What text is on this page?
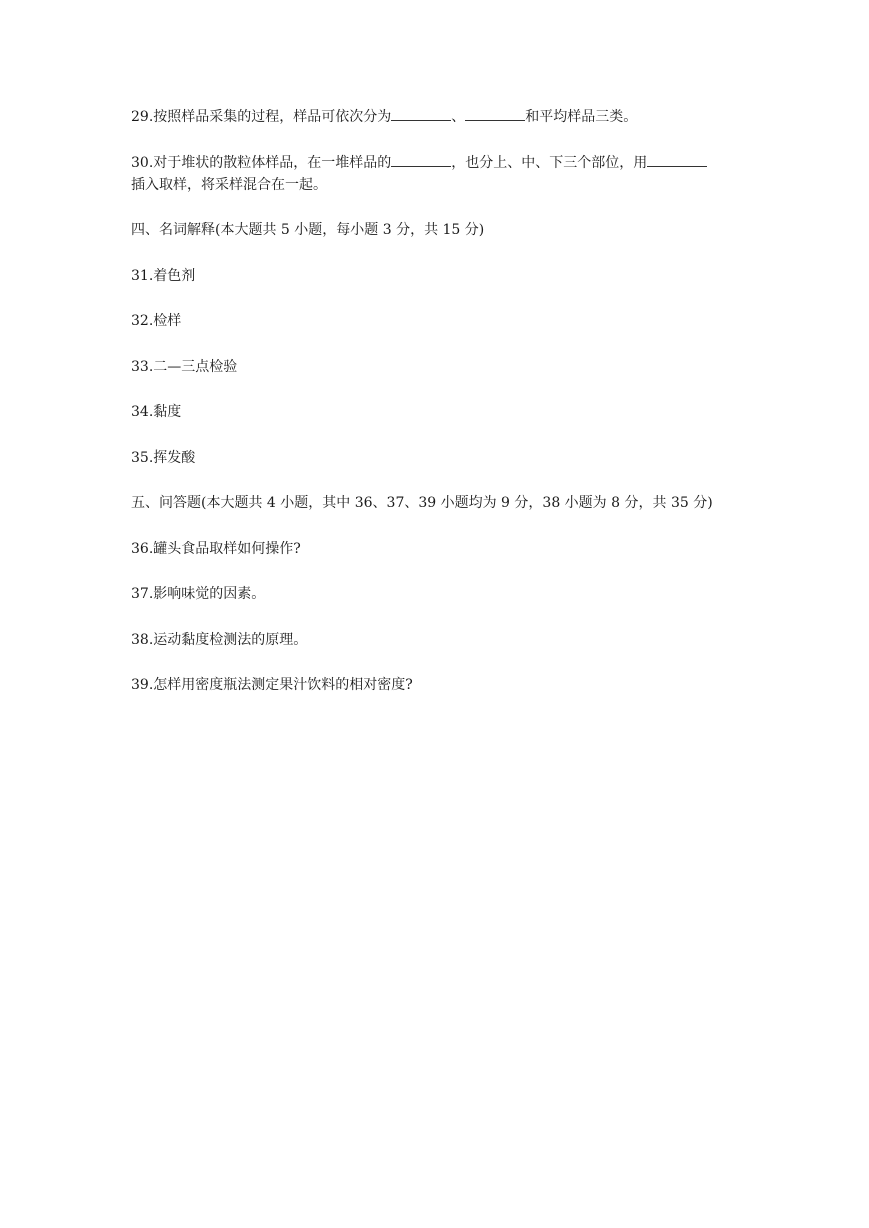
29.按照样品采集的过程，样品可依次分为	、	和平均样品三类。
30.对于堆状的散粒体样品，在一堆样品的	，也分上、中、下三个部位，用
插入取样，将采样混合在一起。
四、名词解释(本大题共 5 小题，每小题 3 分，共 15 分)
31.着色剂
32.检样
33.二—三点检验
34.黏度
35.挥发酸
五、问答题(本大题共 4 小题，其中 36、37、39 小题均为 9 分，38 小题为 8 分，共 35 分)
36.罐头食品取样如何操作?
37.影响味觉的因素。
38.运动黏度检测法的原理。
39.怎样用密度瓶法测定果汁饮料的相对密度?
